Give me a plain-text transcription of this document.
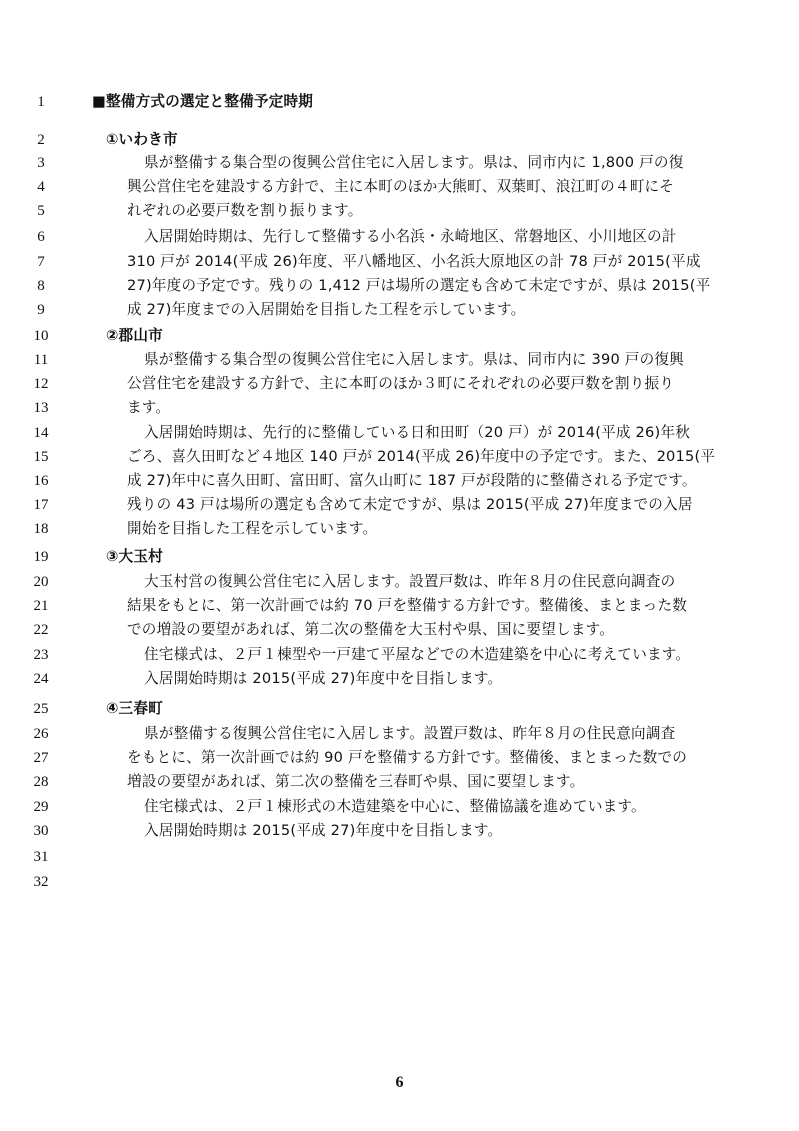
1	■整備方式の選定と整備予定時期
2	①いわき市
3	県が整備する集合型の復興公営住宅に入居します。県は、同市内に 1,800 戸の復
4	興公営住宅を建設する方針で、主に本町のほか大熊町、双葉町、浪江町の４町にそ
5	れぞれの必要戸数を割り振ります。
6	入居開始時期は、先行して整備する小名浜・永崎地区、常磐地区、小川地区の計
7	310 戸が 2014(平成 26)年度、平八幡地区、小名浜大原地区の計 78 戸が 2015(平成
8	27)年度の予定です。残りの 1,412 戸は場所の選定も含めて未定ですが、県は 2015(平
9	成 27)年度までの入居開始を目指した工程を示しています。
10	②郡山市
11	県が整備する集合型の復興公営住宅に入居します。県は、同市内に 390 戸の復興
12	公営住宅を建設する方針で、主に本町のほか３町にそれぞれの必要戸数を割り振り
13	ます。
14	入居開始時期は、先行的に整備している日和田町（20 戸）が 2014(平成 26)年秋
15	ごろ、喜久田町など４地区 140 戸が 2014(平成 26)年度中の予定です。また、2015(平
16	成 27)年中に喜久田町、富田町、富久山町に 187 戸が段階的に整備される予定です。
17	残りの 43 戸は場所の選定も含めて未定ですが、県は 2015(平成 27)年度までの入居
18	開始を目指した工程を示しています。
19	③大玉村
20	大玉村営の復興公営住宅に入居します。設置戸数は、昨年８月の住民意向調査の
21	結果をもとに、第一次計画では約 70 戸を整備する方針です。整備後、まとまった数
22	での増設の要望があれば、第二次の整備を大玉村や県、国に要望します。
23	住宅様式は、２戸１棟型や一戸建て平屋などでの木造建築を中心に考えています。
24	入居開始時期は 2015(平成 27)年度中を目指します。
25	④三春町
26	県が整備する復興公営住宅に入居します。設置戸数は、昨年８月の住民意向調査
27	をもとに、第一次計画では約 90 戸を整備する方針です。整備後、まとまった数での
28	増設の要望があれば、第二次の整備を三春町や県、国に要望します。
29	住宅様式は、２戸１棟形式の木造建築を中心に、整備協議を進めています。
30	入居開始時期は 2015(平成 27)年度中を目指します。
31
32
6
